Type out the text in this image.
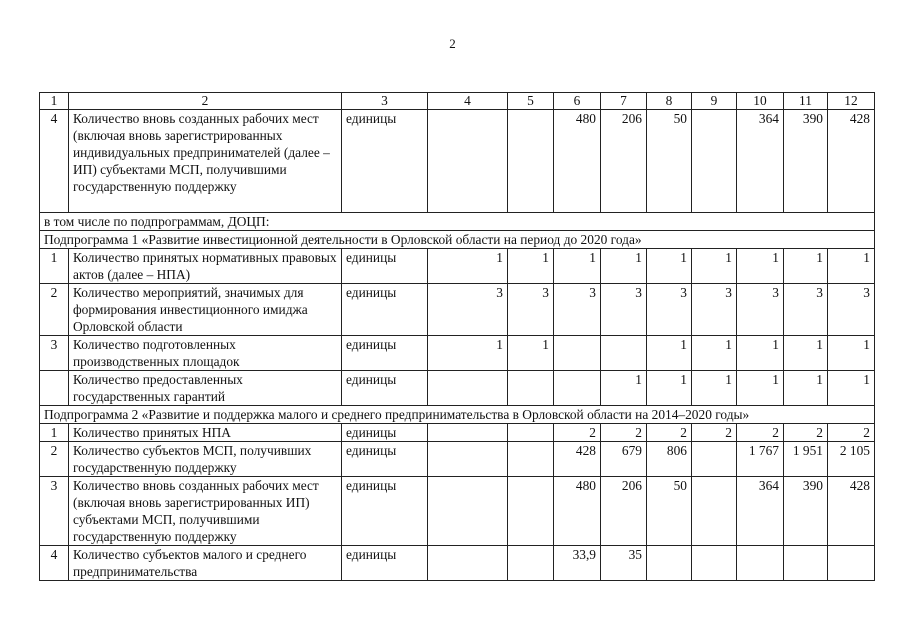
2
1	2	3	4	5	6	7	8	9	10	11	12
4	Количество вновь созданных рабочих мест (включая вновь зарегистрированных индивидуальных предпринимателей (далее – ИП) субъектами МСП, получившими государственную поддержку	единицы			480	206	50		364	390	428
в том числе по подпрограммам, ДОЦП:											
Подпрограмма 1 «Развитие инвестиционной деятельности в Орловской области на период до 2020 года»											
1	Количество принятых нормативных правовых актов (далее – НПА)	единицы	1	1	1	1	1	1	1	1	1
2	Количество мероприятий, значимых для формирования инвестиционного имиджа Орловской области	единицы	3	3	3	3	3	3	3	3	3
3	Количество подготовленных производственных площадок	единицы	1	1			1	1	1	1	1
	Количество предоставленных государственных гарантий	единицы				1	1	1	1	1	1
Подпрограмма 2 «Развитие и поддержка малого и среднего предпринимательства в Орловской области на 2014–2020 годы»											
1	Количество принятых НПА	единицы			2	2	2	2	2	2	2
2	Количество субъектов МСП, получивших государственную поддержку	единицы			428	679	806		1 767	1 951	2 105
3	Количество вновь созданных рабочих мест (включая вновь зарегистрированных ИП) субъектами МСП, получившими государственную поддержку	единицы			480	206	50		364	390	428
4	Количество субъектов малого и среднего предпринимательства	единицы			33,9	35					
